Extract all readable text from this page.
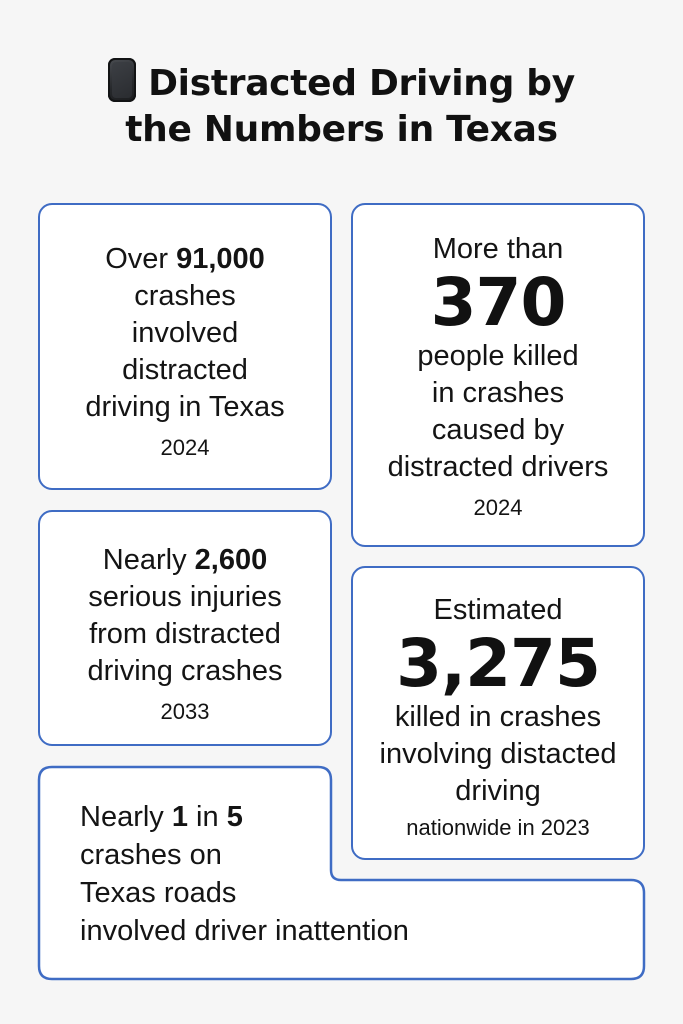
Distracted Driving by
the Numbers in Texas
Over 91,000
crashes
involved
distracted
driving in Texas
2024
More than
370
people killed
in crashes
caused by
distracted drivers
2024
Nearly 2,600
serious injuries
from distracted
driving crashes
2033
Estimated
3,275
killed in crashes
involving distacted
driving
nationwide in 2023
Nearly 1 in 5
crashes on
Texas roads
involved driver inattention
